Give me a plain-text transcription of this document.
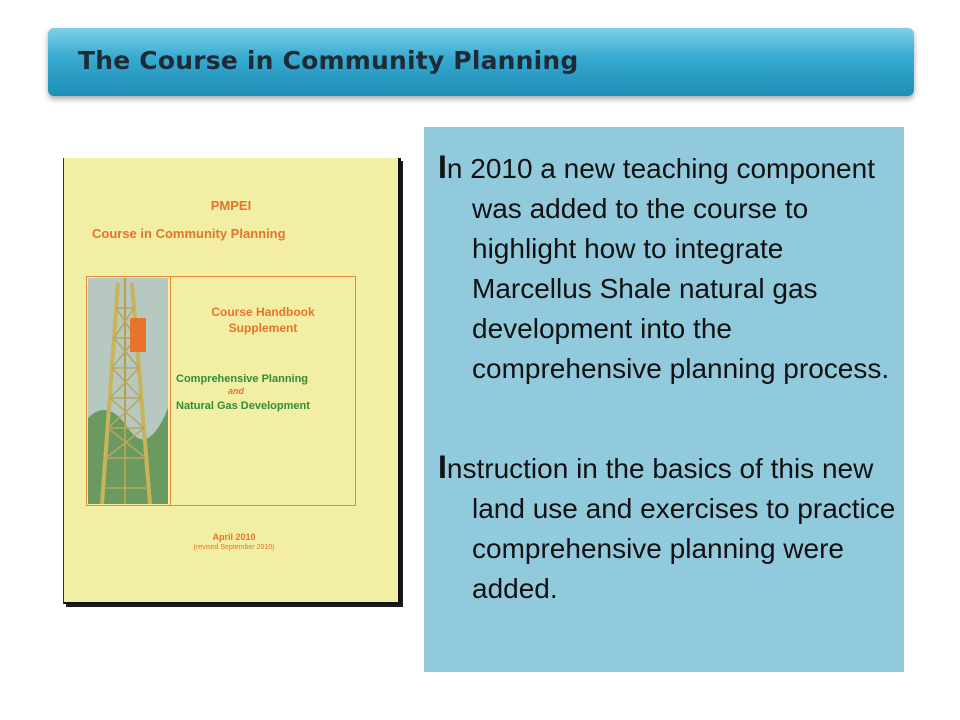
The Course in Community Planning
PMPEI
Course in Community Planning
Course Handbook
Supplement
Comprehensive Planning
and
Natural Gas Development
April 2010
(revised September 2010)
In 2010 a new teaching component was added to the course to highlight how to integrate Marcellus Shale natural gas development into the comprehensive planning process.
Instruction in the basics of this new land use and exercises to practice comprehensive planning were added.
